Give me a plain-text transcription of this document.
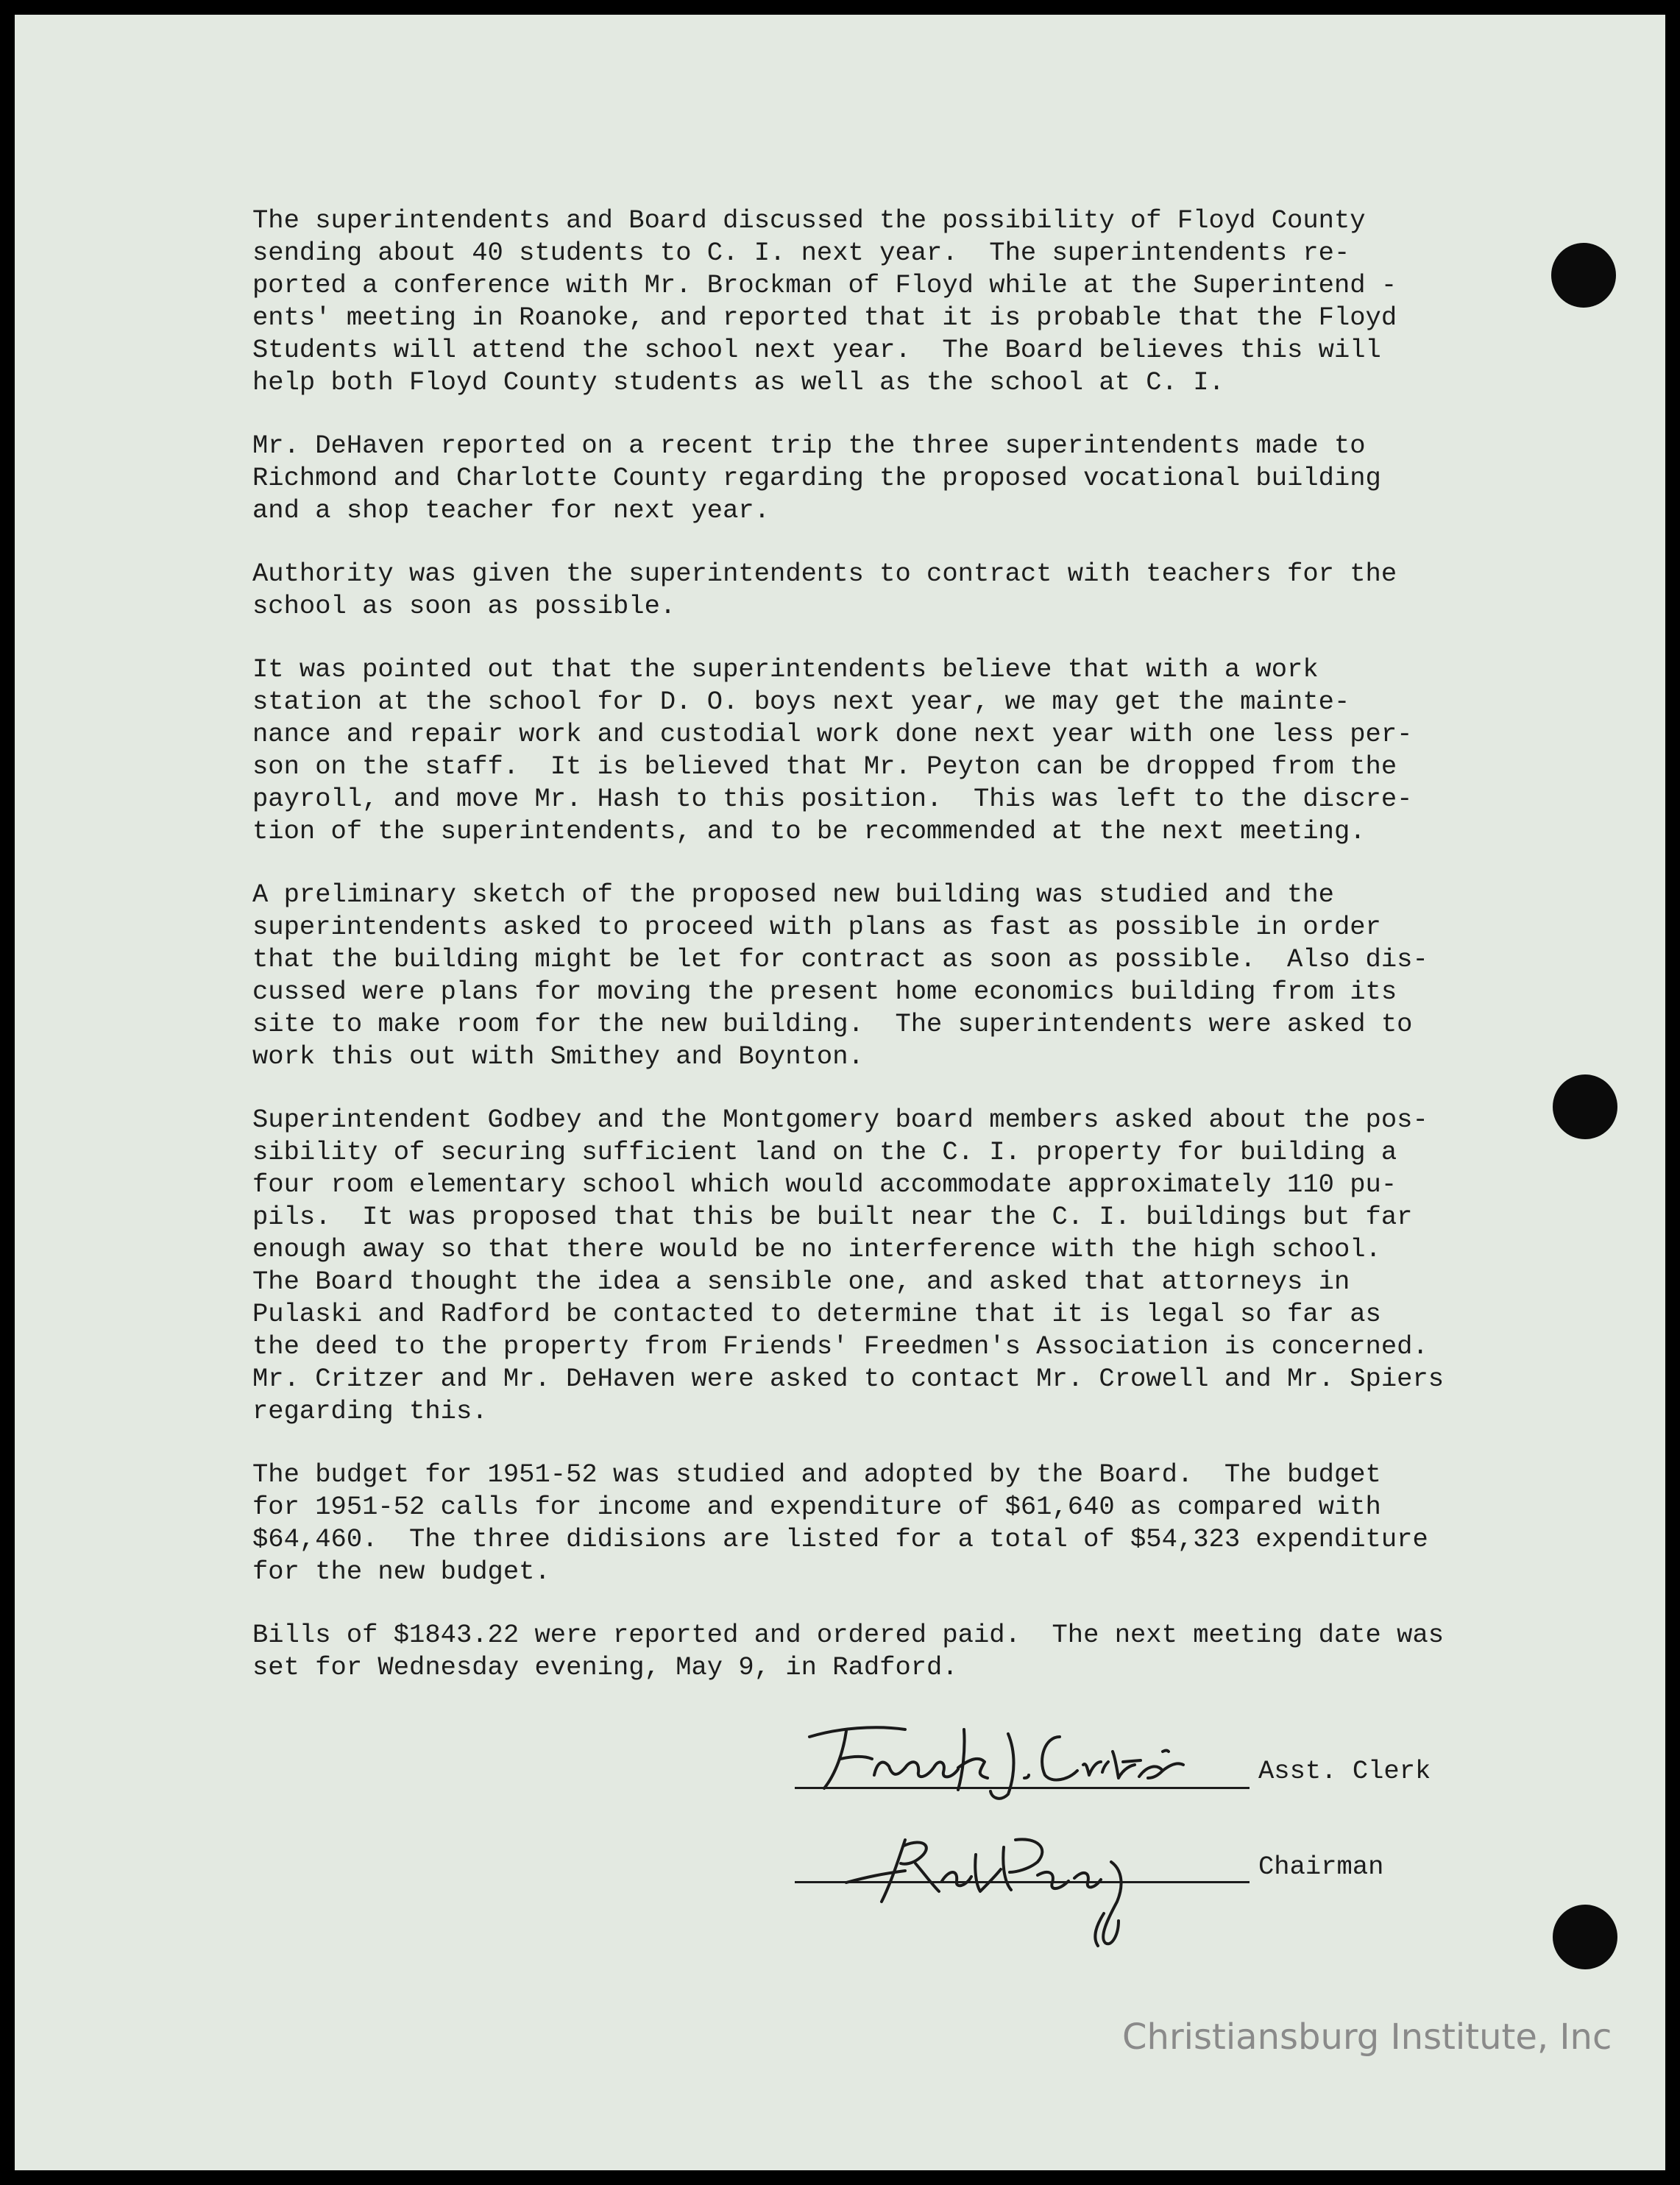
The superintendents and Board discussed the possibility of Floyd County
sending about 40 students to C. I. next year.  The superintendents re-
ported a conference with Mr. Brockman of Floyd while at the Superintend -
ents' meeting in Roanoke, and reported that it is probable that the Floyd
Students will attend the school next year.  The Board believes this will
help both Floyd County students as well as the school at C. I.

Mr. DeHaven reported on a recent trip the three superintendents made to
Richmond and Charlotte County regarding the proposed vocational building
and a shop teacher for next year.

Authority was given the superintendents to contract with teachers for the
school as soon as possible.

It was pointed out that the superintendents believe that with a work
station at the school for D. O. boys next year, we may get the mainte-
nance and repair work and custodial work done next year with one less per-
son on the staff.  It is believed that Mr. Peyton can be dropped from the
payroll, and move Mr. Hash to this position.  This was left to the discre-
tion of the superintendents, and to be recommended at the next meeting.

A preliminary sketch of the proposed new building was studied and the
superintendents asked to proceed with plans as fast as possible in order
that the building might be let for contract as soon as possible.  Also dis-
cussed were plans for moving the present home economics building from its
site to make room for the new building.  The superintendents were asked to
work this out with Smithey and Boynton.

Superintendent Godbey and the Montgomery board members asked about the pos-
sibility of securing sufficient land on the C. I. property for building a
four room elementary school which would accommodate approximately 110 pu-
pils.  It was proposed that this be built near the C. I. buildings but far
enough away so that there would be no interference with the high school.
The Board thought the idea a sensible one, and asked that attorneys in
Pulaski and Radford be contacted to determine that it is legal so far as
the deed to the property from Friends' Freedmen's Association is concerned.
Mr. Critzer and Mr. DeHaven were asked to contact Mr. Crowell and Mr. Spiers
regarding this.

The budget for 1951-52 was studied and adopted by the Board.  The budget
for 1951-52 calls for income and expenditure of $61,640 as compared with
$64,460.  The three didisions are listed for a total of $54,323 expenditure
for the new budget.

Bills of $1843.22 were reported and ordered paid.  The next meeting date was
set for Wednesday evening, May 9, in Radford.

Asst. Clerk
Chairman
Christiansburg Institute, Inc
